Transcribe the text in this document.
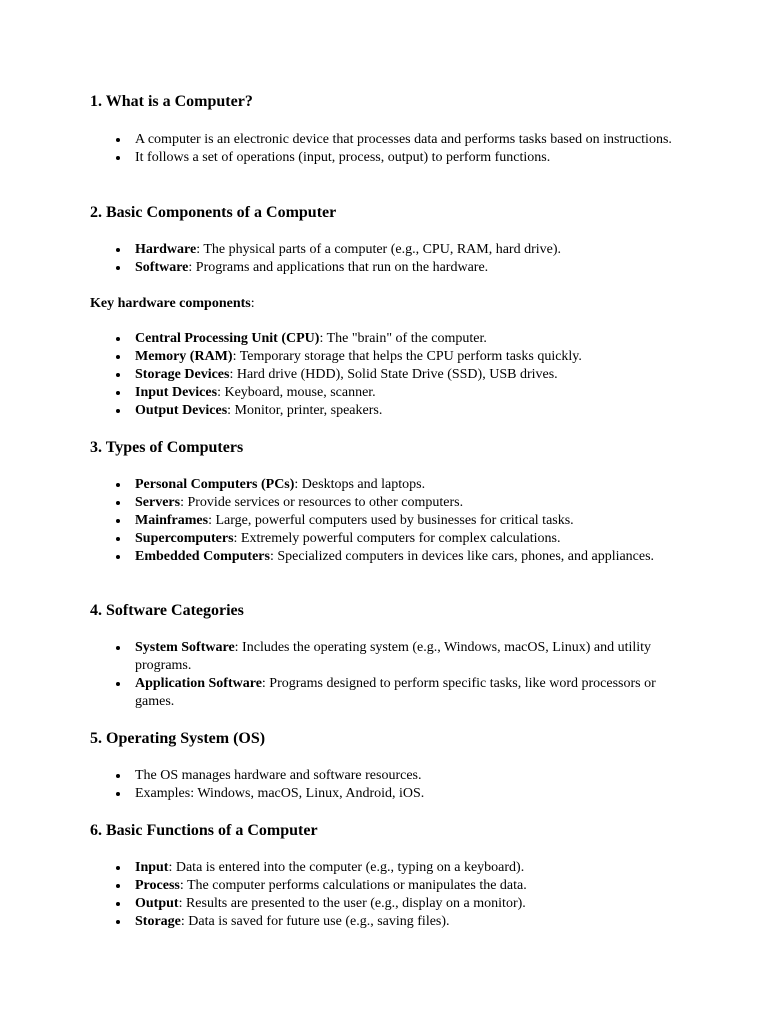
1. What is a Computer?
A computer is an electronic device that processes data and performs tasks based on instructions.
It follows a set of operations (input, process, output) to perform functions.
2. Basic Components of a Computer
Hardware: The physical parts of a computer (e.g., CPU, RAM, hard drive).
Software: Programs and applications that run on the hardware.

Key hardware components:

Central Processing Unit (CPU): The "brain" of the computer.
Memory (RAM): Temporary storage that helps the CPU perform tasks quickly.
Storage Devices: Hard drive (HDD), Solid State Drive (SSD), USB drives.
Input Devices: Keyboard, mouse, scanner.
Output Devices: Monitor, printer, speakers.
3. Types of Computers
Personal Computers (PCs): Desktops and laptops.
Servers: Provide services or resources to other computers.
Mainframes: Large, powerful computers used by businesses for critical tasks.
Supercomputers: Extremely powerful computers for complex calculations.
Embedded Computers: Specialized computers in devices like cars, phones, and appliances.
4. Software Categories
System Software: Includes the operating system (e.g., Windows, macOS, Linux) and utility programs.
Application Software: Programs designed to perform specific tasks, like word processors or games.
5. Operating System (OS)
The OS manages hardware and software resources.
Examples: Windows, macOS, Linux, Android, iOS.
6. Basic Functions of a Computer
Input: Data is entered into the computer (e.g., typing on a keyboard).
Process: The computer performs calculations or manipulates the data.
Output: Results are presented to the user (e.g., display on a monitor).
Storage: Data is saved for future use (e.g., saving files).
